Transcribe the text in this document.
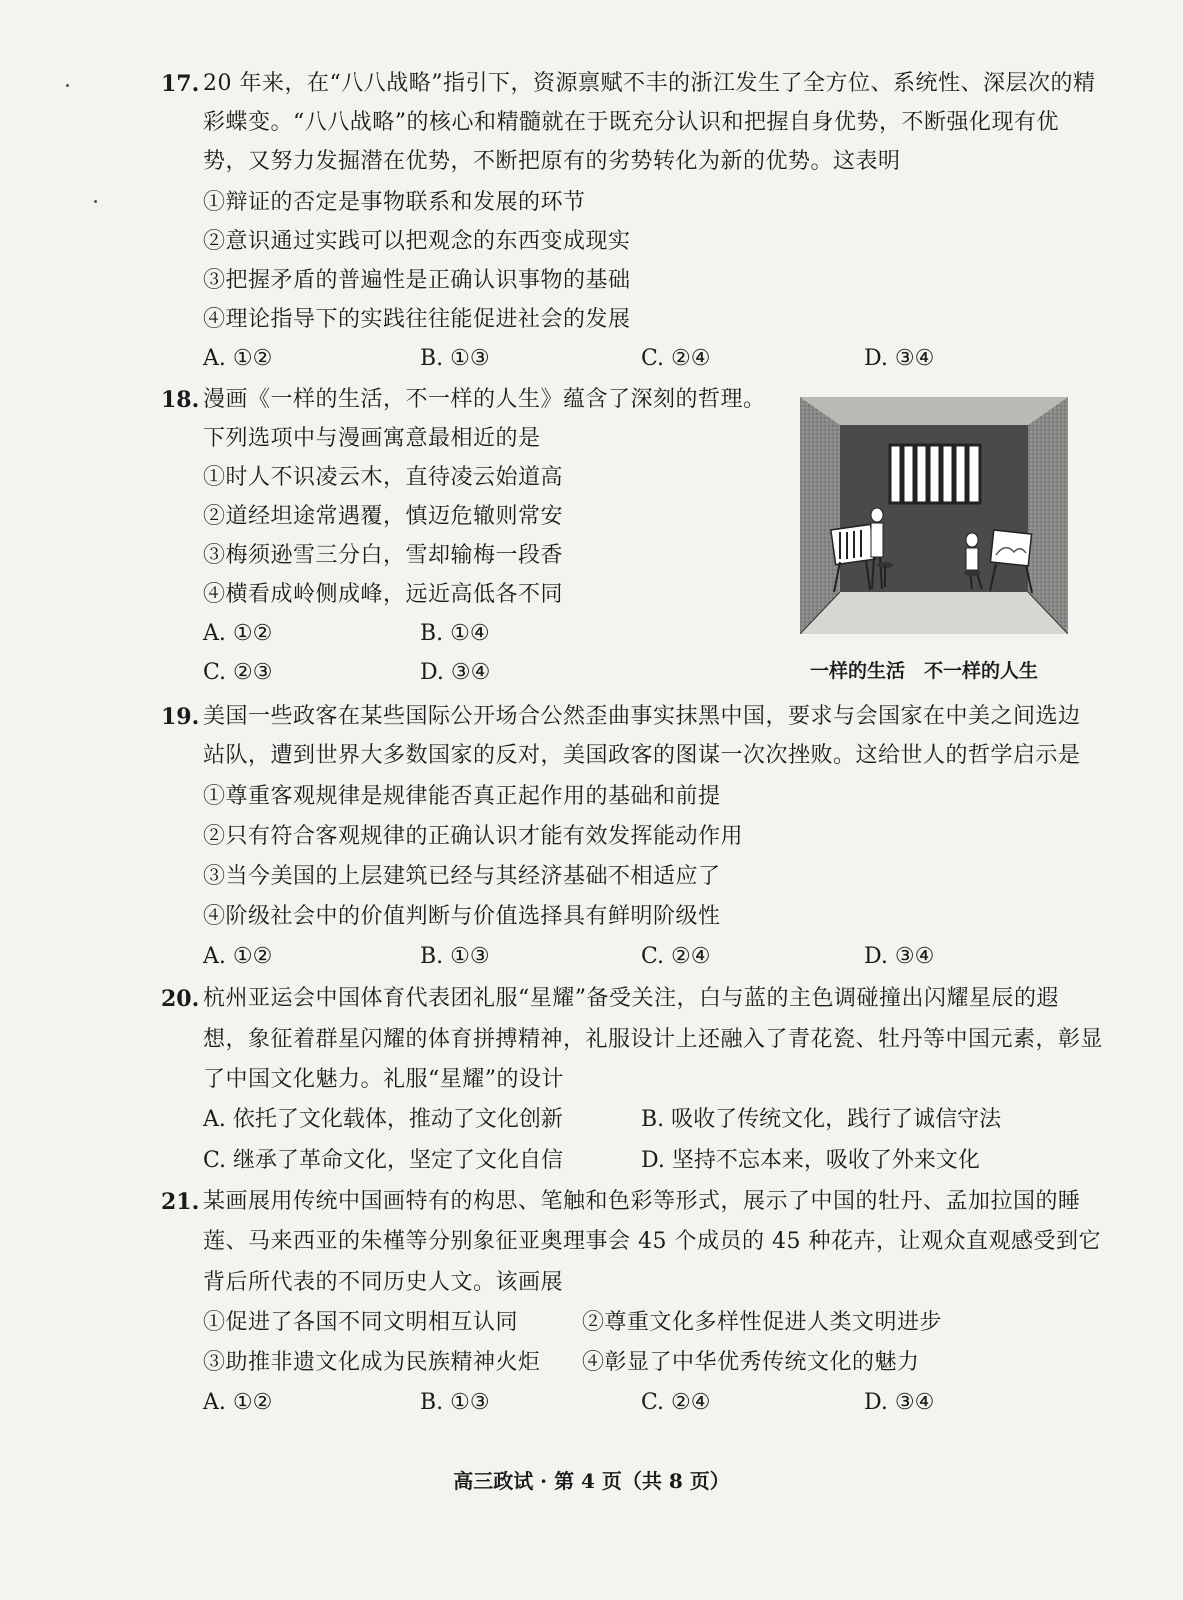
17. 20 年来，在“八八战略”指引下，资源禀赋不丰的浙江发生了全方位、系统性、深层次的精
彩蝶变。“八八战略”的核心和精髓就在于既充分认识和把握自身优势，不断强化现有优
势，又努力发掘潜在优势，不断把原有的劣势转化为新的优势。这表明
①辩证的否定是事物联系和发展的环节
②意识通过实践可以把观念的东西变成现实
③把握矛盾的普遍性是正确认识事物的基础
④理论指导下的实践往往能促进社会的发展
A. ①②	B. ①③	C. ②④	D. ③④
18. 漫画《一样的生活，不一样的人生》蕴含了深刻的哲理。
下列选项中与漫画寓意最相近的是
①时人不识凌云木，直待凌云始道高
②道经坦途常遇覆，慎迈危辙则常安
③梅须逊雪三分白，雪却输梅一段香
④横看成岭侧成峰，远近高低各不同
A. ①②	B. ①④
C. ②③	D. ③④	一样的生活　不一样的人生
19. 美国一些政客在某些国际公开场合公然歪曲事实抹黑中国，要求与会国家在中美之间选边
站队，遭到世界大多数国家的反对，美国政客的图谋一次次挫败。这给世人的哲学启示是
①尊重客观规律是规律能否真正起作用的基础和前提
②只有符合客观规律的正确认识才能有效发挥能动作用
③当今美国的上层建筑已经与其经济基础不相适应了
④阶级社会中的价值判断与价值选择具有鲜明阶级性
A. ①②	B. ①③	C. ②④	D. ③④
20. 杭州亚运会中国体育代表团礼服“星耀”备受关注，白与蓝的主色调碰撞出闪耀星辰的遐
想，象征着群星闪耀的体育拼搏精神，礼服设计上还融入了青花瓷、牡丹等中国元素，彰显
了中国文化魅力。礼服“星耀”的设计
A. 依托了文化载体，推动了文化创新	B. 吸收了传统文化，践行了诚信守法
C. 继承了革命文化，坚定了文化自信	D. 坚持不忘本来，吸收了外来文化
21. 某画展用传统中国画特有的构思、笔触和色彩等形式，展示了中国的牡丹、孟加拉国的睡
莲、马来西亚的朱槿等分别象征亚奥理事会 45 个成员的 45 种花卉，让观众直观感受到它
背后所代表的不同历史人文。该画展
①促进了各国不同文明相互认同	②尊重文化多样性促进人类文明进步
③助推非遗文化成为民族精神火炬 ④彰显了中华优秀传统文化的魅力
A. ①②	B. ①③	C. ②④	D. ③④
高三政试 · 第 4 页（共 8 页）
